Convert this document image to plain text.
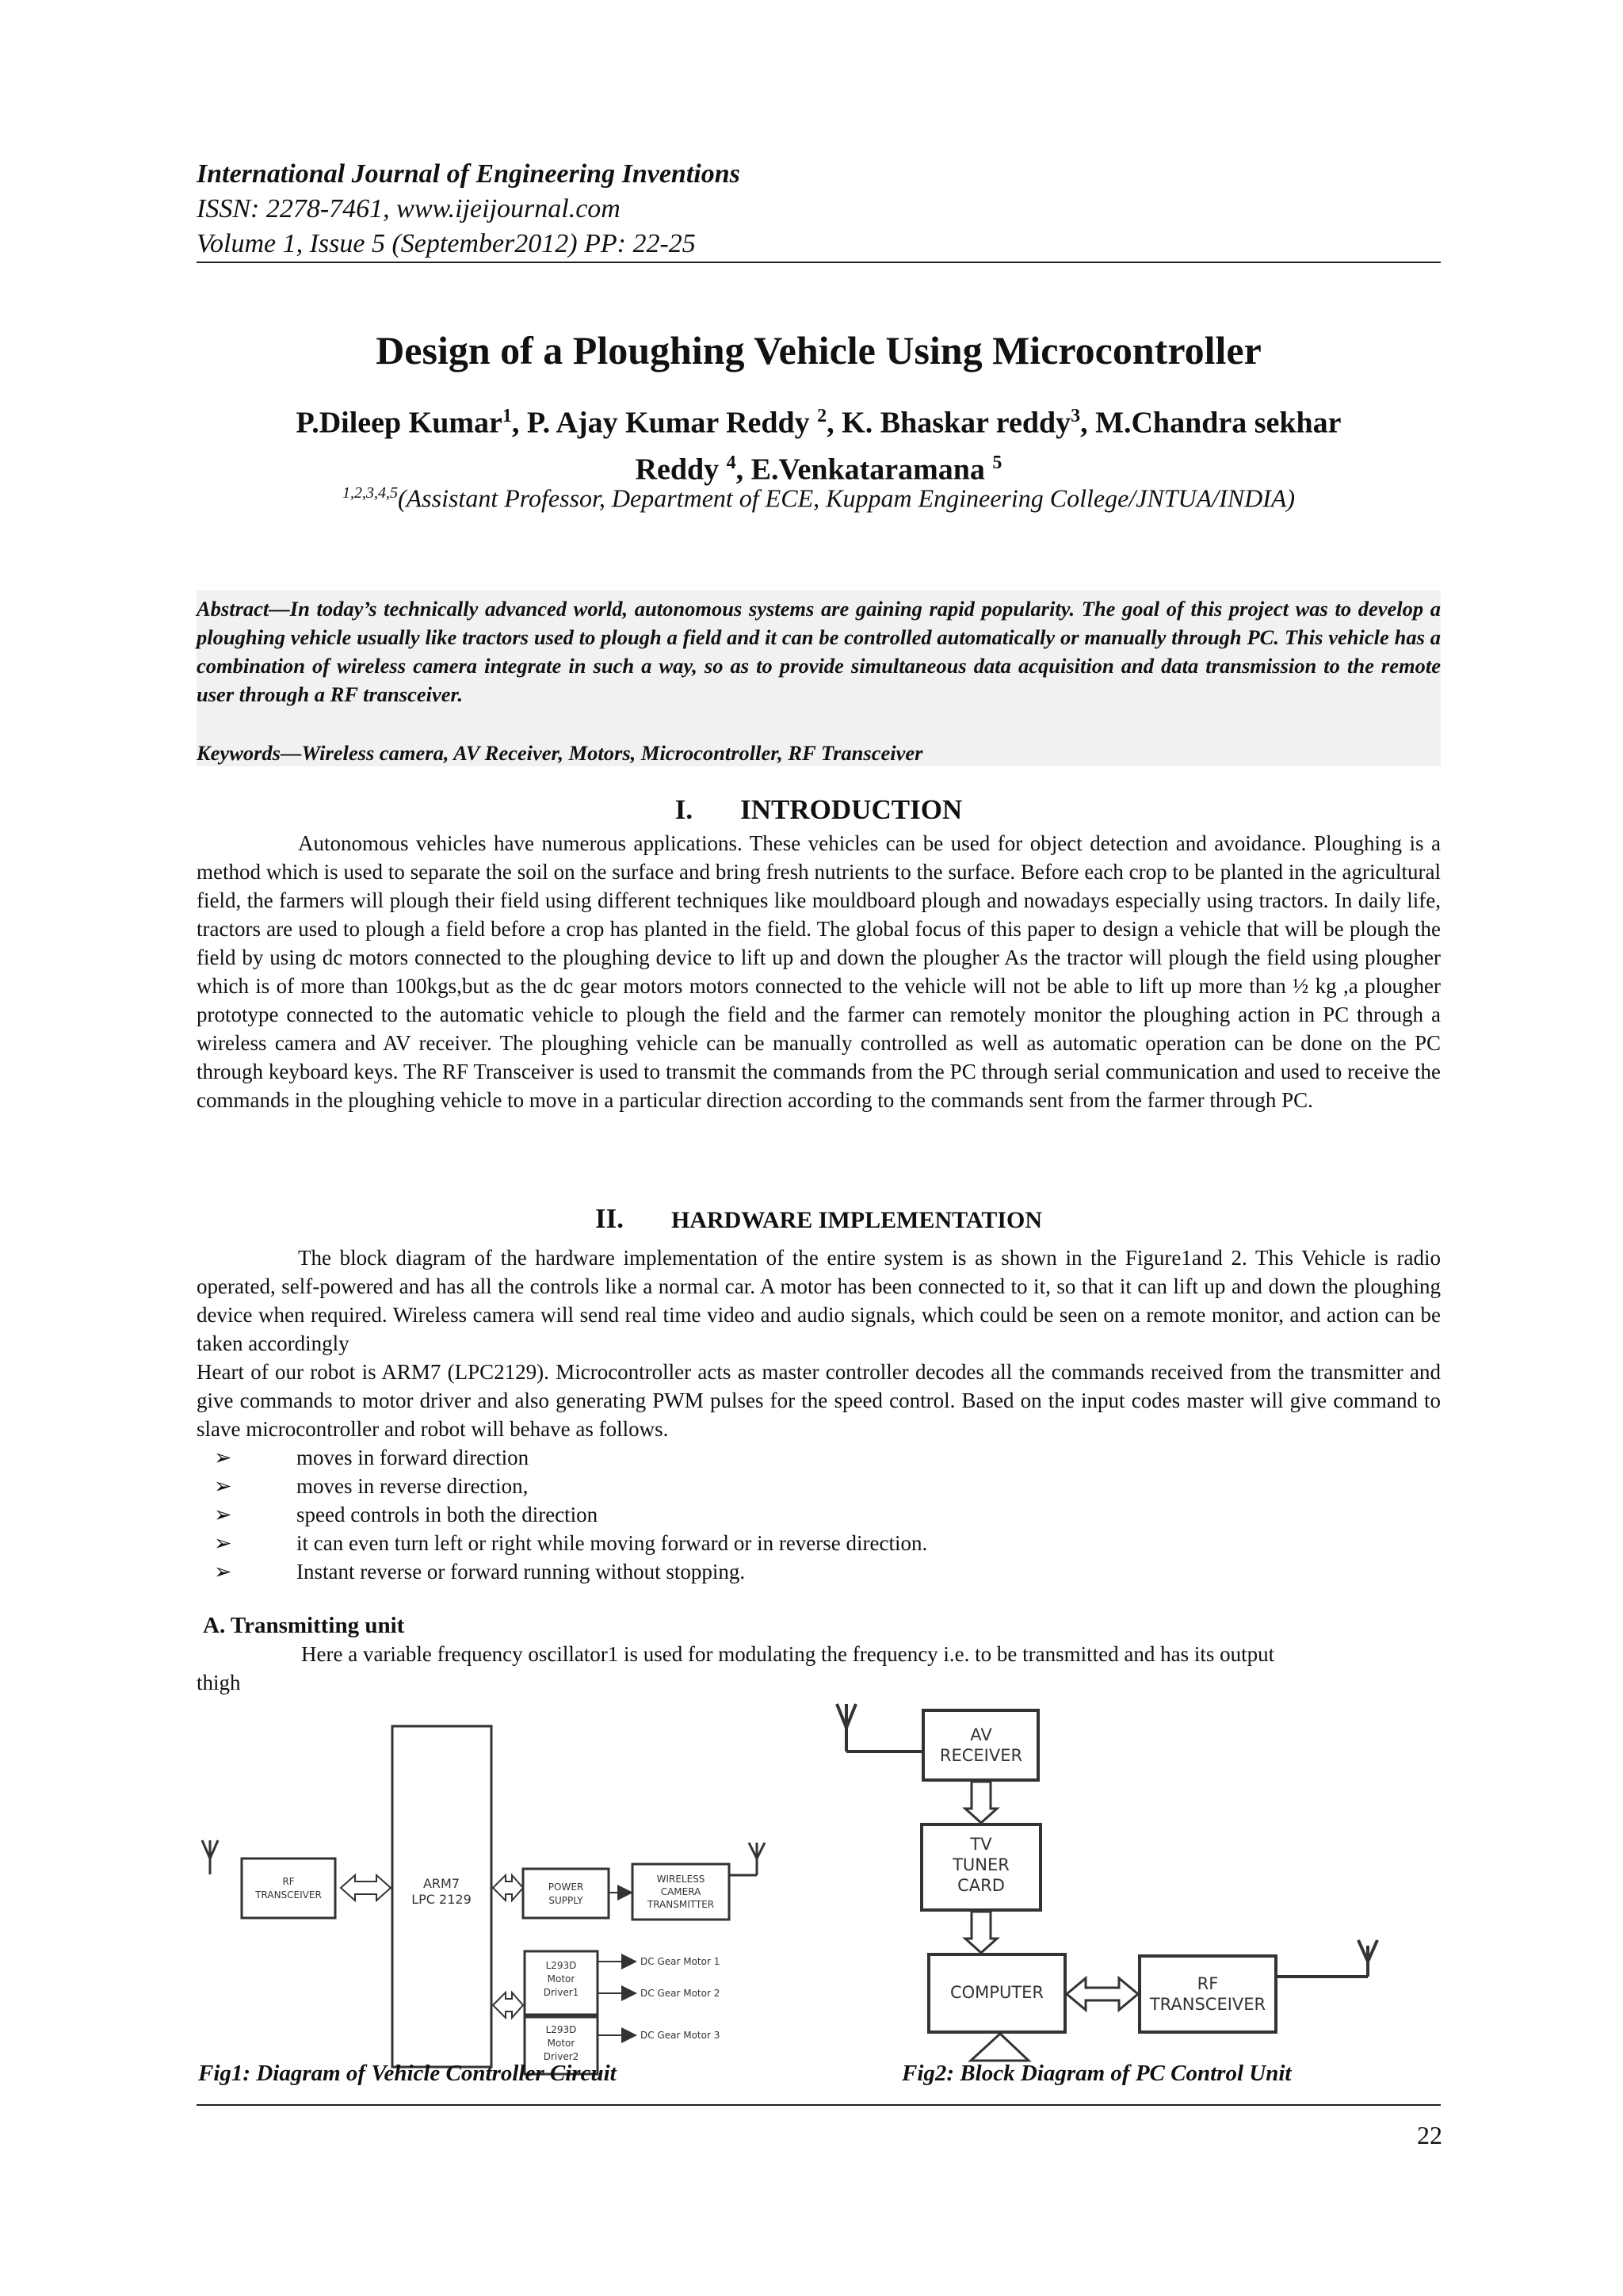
International Journal of Engineering Inventions
ISSN: 2278-7461, www.ijeijournal.com
Volume 1, Issue 5 (September2012) PP: 22-25
Design of a Ploughing Vehicle Using Microcontroller
P.Dileep Kumar$^1$, P. Ajay Kumar Reddy $^2$, K. Bhaskar reddy$^3$, M.Chandra sekhar
Reddy $^4$, E.Venkataramana $^5$
$^{1,2,3,4,5}$(Assistant Professor, Department of ECE, Kuppam Engineering College/JNTUA/INDIA)
Abstract—In today’s technically advanced world, autonomous systems are gaining rapid popularity. The goal of this project was to develop a ploughing vehicle usually like tractors used to plough a field and it can be controlled automatically or manually through PC. This vehicle has a combination of wireless camera integrate in such a way, so as to provide simultaneous data acquisition and data transmission to the remote user through a RF transceiver.
Keywords—Wireless camera, AV Receiver, Motors, Microcontroller, RF Transceiver
I. INTRODUCTION
Autonomous vehicles have numerous applications. These vehicles can be used for object detection and avoidance. Ploughing is a method which is used to separate the soil on the surface and bring fresh nutrients to the surface. Before each crop to be planted in the agricultural field, the farmers will plough their field using different techniques like mouldboard plough and nowadays especially using tractors. In daily life, tractors are used to plough a field before a crop has planted in the field. The global focus of this paper to design a vehicle that will be plough the field by using dc motors connected to the ploughing device to lift up and down the plougher As the tractor will plough the field using plougher which is of more than 100kgs,but as the dc gear motors motors connected to the vehicle will not be able to lift up more than ½ kg ,a plougher prototype connected to the automatic vehicle to plough the field and the farmer can remotely monitor the ploughing action in PC through a wireless camera and AV receiver. The ploughing vehicle can be manually controlled as well as automatic operation can be done on the PC through keyboard keys. The RF Transceiver is used to transmit the commands from the PC through serial communication and used to receive the commands in the ploughing vehicle to move in a particular direction according to the commands sent from the farmer through PC.
II. HARDWARE IMPLEMENTATION
The block diagram of the hardware implementation of the entire system is as shown in the Figure1and 2. This Vehicle is radio operated, self-powered and has all the controls like a normal car. A motor has been connected to it, so that it can lift up and down the ploughing device when required. Wireless camera will send real time video and audio signals, which could be seen on a remote monitor, and action can be taken accordingly
Heart of our robot is ARM7 (LPC2129). Microcontroller acts as master controller decodes all the commands received from the transmitter and give commands to motor driver and also generating PWM pulses for the speed control. Based on the input codes master will give command to slave microcontroller and robot will behave as follows.
➢	moves in forward direction
➢	moves in reverse direction,
➢	speed controls in both the direction
➢	it can even turn left or right while moving forward or in reverse direction.
➢	Instant reverse or forward running without stopping.
A. Transmitting unit
Here a variable frequency oscillator1 is used for modulating the frequency i.e. to be transmitted and has its output
thigh
RF
TRANSCEIVER
ARM7
LPC 2129
POWER
SUPPLY
WIRELESS
CAMERA
TRANSMITTER
L293D
Motor
Driver1
L293D
Motor
Driver2
DC Gear Motor 1
DC Gear Motor 2
DC Gear Motor 3
AV
RECEIVER
TV
TUNER
CARD
COMPUTER	RF
TRANSCEIVER
Fig1: Diagram of Vehicle Controller Circuit	Fig2: Block Diagram of PC Control Unit
22
